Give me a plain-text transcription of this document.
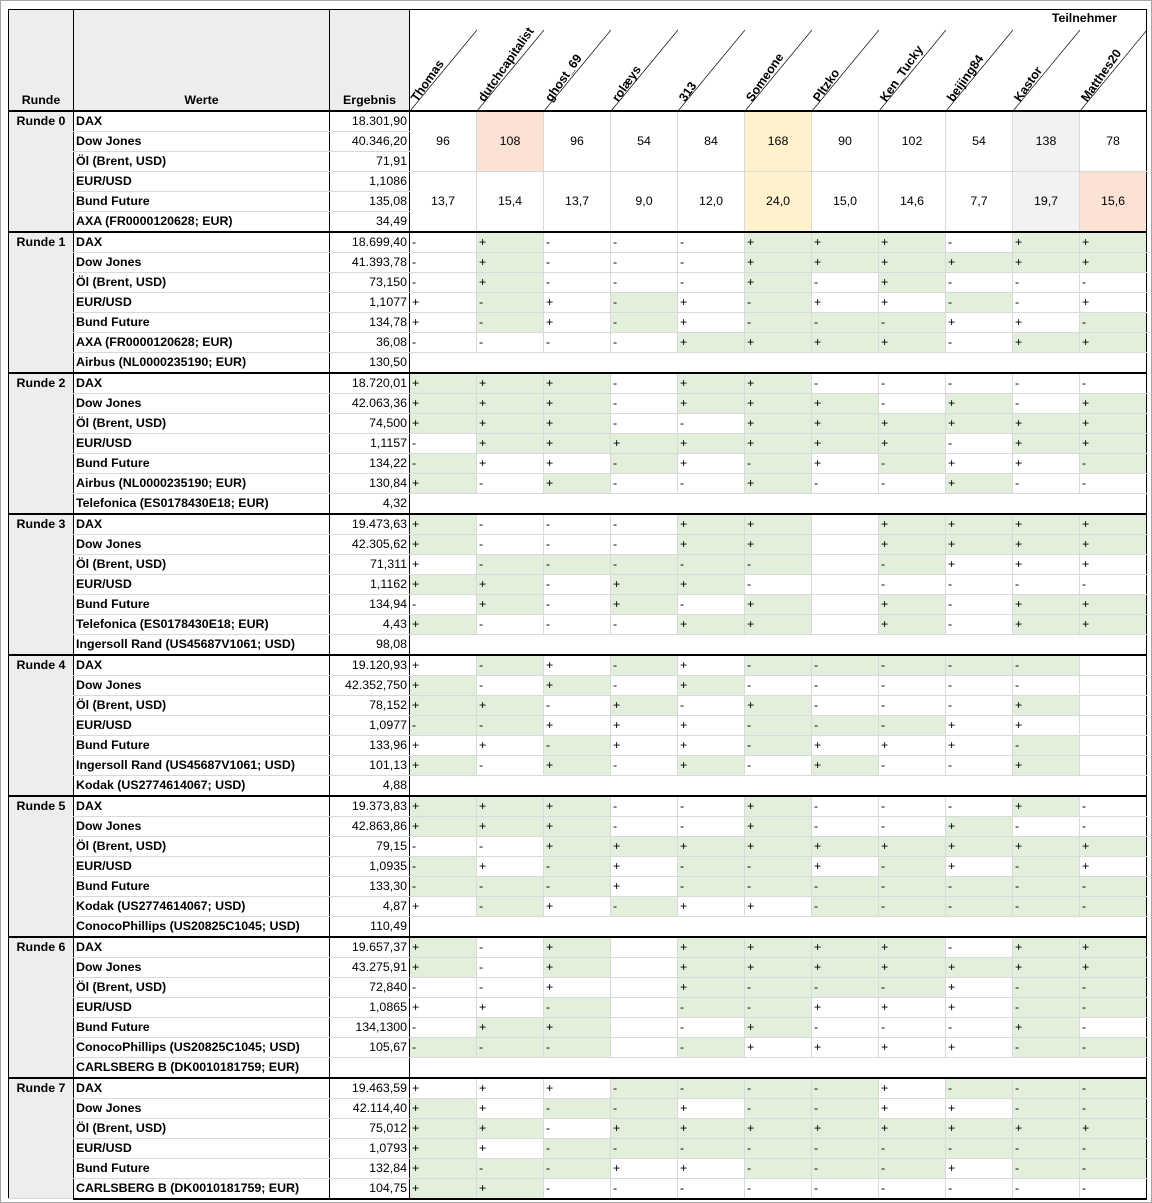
Runde	Werte	Ergebnis	Thomas	dutchcapitalist	ghost_69	rolæys	313	Someone	Pltzko	Ken_Tucky	beijing84	Kastor	Matthes20

Runde 0	DAX	18.301,90	96	108	96	54	84	168	90	102	54	138	78
	Dow Jones	40.346,20											
	Öl (Brent, USD)	71,91											
	EUR/USD	1,1086	13,7	15,4	13,7	9,0	12,0	24,0	15,0	14,6	7,7	19,7	15,6
	Bund Future	135,08											
	AXA (FR0000120628; EUR)	34,49											
Runde 1	DAX	18.699,40	-	+	-	-	-	+	+	+	-	+	+
	Dow Jones	41.393,78	-	+	-	-	-	+	+	+	+	+	+
	Öl (Brent, USD)	73,150	-	+	-	-	-	+	-	+	-	-	-
	EUR/USD	1,1077	+	-	+	-	+	-	+	+	-	-	+
	Bund Future	134,78	+	-	+	-	+	-	-	-	+	+	-
	AXA (FR0000120628; EUR)	36,08	-	-	-	-	+	+	+	+	-	+	+
	Airbus (NL0000235190; EUR)	130,50											
Runde 2	DAX	18.720,01	+	+	+	-	+	+	-	-	-	-	-
	Dow Jones	42.063,36	+	+	+	-	+	+	+	-	+	-	+
	Öl (Brent, USD)	74,500	+	+	+	-	-	+	+	+	+	+	+
	EUR/USD	1,1157	-	+	+	+	+	+	+	+	-	+	+
	Bund Future	134,22	-	+	+	-	+	-	+	-	+	+	-
	Airbus (NL0000235190; EUR)	130,84	+	-	+	-	-	+	-	-	+	-	-
	Telefonica (ES0178430E18; EUR)	4,32											
Runde 3	DAX	19.473,63	+	-	-	-	+	+		+	+	+	+
	Dow Jones	42.305,62	+	-	-	-	+	+		+	+	+	+
	Öl (Brent, USD)	71,311	+	-	-	-	-	-		-	+	+	+
	EUR/USD	1,1162	+	+	-	+	+	-		-	-	-	-
	Bund Future	134,94	-	+	-	+	-	+		+	-	+	+
	Telefonica (ES0178430E18; EUR)	4,43	+	-	-	-	+	+		+	-	+	+
	Ingersoll Rand (US45687V1061; USD)	98,08											
Runde 4	DAX	19.120,93	+	-	+	-	+	-	-	-	-	-	
	Dow Jones	42.352,750	+	-	+	-	+	-	-	-	-	-	
	Öl (Brent, USD)	78,152	+	+	-	+	-	+	-	-	-	+	
	EUR/USD	1,0977	-	-	+	+	+	-	-	-	+	+	
	Bund Future	133,96	+	+	-	+	+	-	+	+	+	-	
	Ingersoll Rand (US45687V1061; USD)	101,13	+	-	+	-	+	-	+	-	-	+	
	Kodak (US2774614067; USD)	4,88											
Runde 5	DAX	19.373,83	+	+	+	-	-	+	-	-	-	+	-
	Dow Jones	42.863,86	+	+	+	-	-	+	-	-	+	-	-
	Öl (Brent, USD)	79,15	-	-	+	+	+	+	+	+	+	+	+
	EUR/USD	1,0935	-	+	-	+	-	-	+	-	+	-	+
	Bund Future	133,30	-	-	-	+	-	-	-	-	-	-	-
	Kodak (US2774614067; USD)	4,87	+	-	+	-	+	+	-	-	-	-	-
	ConocoPhillips (US20825C1045; USD)	110,49											
Runde 6	DAX	19.657,37	+	-	+		+	+	+	+	-	+	+
	Dow Jones	43.275,91	+	-	+		+	+	+	+	+	+	+
	Öl (Brent, USD)	72,840	-	-	+		+	-	-	-	+	-	-
	EUR/USD	1,0865	+	+	-		-	-	+	+	+	-	-
	Bund Future	134,1300	-	+	+		-	+	-	-	-	+	-
	ConocoPhillips (US20825C1045; USD)	105,67	-	-	-		-	+	+	+	+	-	-
	CARLSBERG B (DK0010181759; EUR)												
Runde 7	DAX	19.463,59	+	+	+	-	-	-	-	+	-	-	-
	Dow Jones	42.114,40	+	+	-	-	+	-	-	+	+	-	-
	Öl (Brent, USD)	75,012	+	+	-	+	+	+	+	+	+	+	+
	EUR/USD	1,0793	+	+	-	-	-	-	-	-	-	-	-
	Bund Future	132,84	+	-	-	+	+	-	-	-	+	-	-
	CARLSBERG B (DK0010181759; EUR)	104,75	+	+	-	-	-	-	-	-	-	-	-
Teilnehmer
